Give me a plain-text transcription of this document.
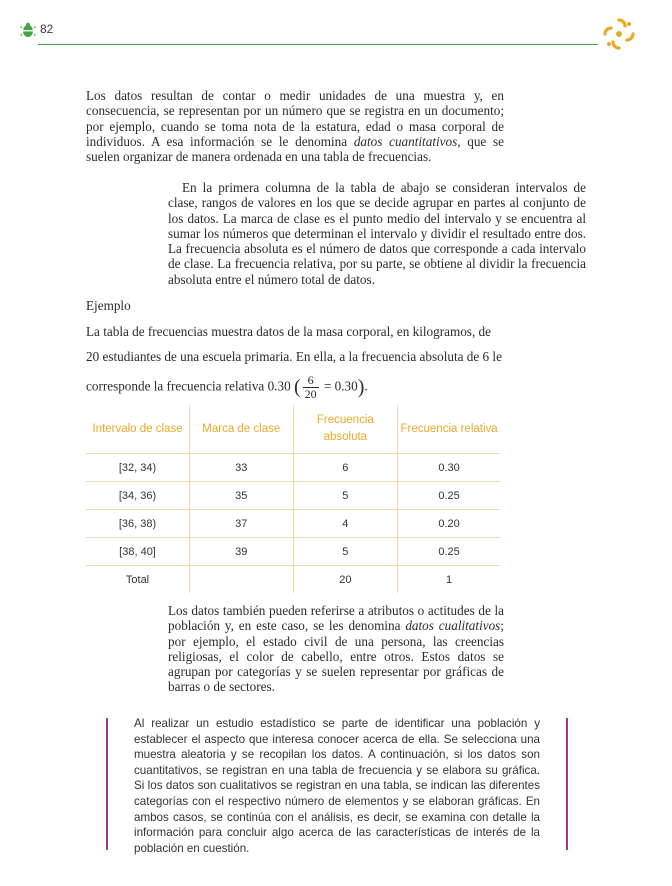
82

Los datos resultan de contar o medir unidades de una muestra y, en consecuencia, se representan por un número que se registra en un documento; por ejemplo, cuando se toma nota de la estatura, edad o masa corporal de individuos. A esa información se le denomina datos cuantitativos, que se suelen organizar de manera ordenada en una tabla de frecuencias.

En la primera columna de la tabla de abajo se consideran intervalos de clase, rangos de valores en los que se decide agrupar en partes al conjunto de los datos. La marca de clase es el punto medio del intervalo y se encuentra al sumar los números que determinan el intervalo y dividir el resultado entre dos. La frecuencia absoluta es el número de datos que corresponde a cada intervalo de clase. La frecuencia relativa, por su parte, se obtiene al dividir la frecuencia absoluta entre el número total de datos.

Ejemplo

La tabla de frecuencias muestra datos de la masa corporal, en kilogramos, de

20 estudiantes de una escuela primaria. En ella, a la frecuencia absoluta de 6 le

corresponde la frecuencia relativa 0.30 ( $\frac{6}{20} = 0.30$).

Intervalo de clase	Marca de clase	Frecuencia absoluta	Frecuencia relativa
[32, 34)	33	6	0.30
[34, 36)	35	5	0.25
[36, 38)	37	4	0.20
[38, 40]	39	5	0.25
Total		20	1

Los datos también pueden referirse a atributos o actitudes de la población y, en este caso, se les denomina datos cualitativos; por ejemplo, el estado civil de una persona, las creencias religiosas, el color de cabello, entre otros. Estos datos se agrupan por categorías y se suelen representar por gráficas de barras o de sectores.

Al realizar un estudio estadístico se parte de identificar una población y establecer el aspecto que interesa conocer acerca de ella. Se selecciona una muestra aleatoria y se recopilan los datos. A continuación, si los datos son cuantitativos, se registran en una tabla de frecuencia y se elabora su gráfica. Si los datos son cualitativos se registran en una tabla, se indican las diferentes categorías con el respectivo número de elementos y se elaboran gráficas. En ambos casos, se continúa con el análisis, es decir, se examina con detalle la información para concluir algo acerca de las características de interés de la población en cuestión.
